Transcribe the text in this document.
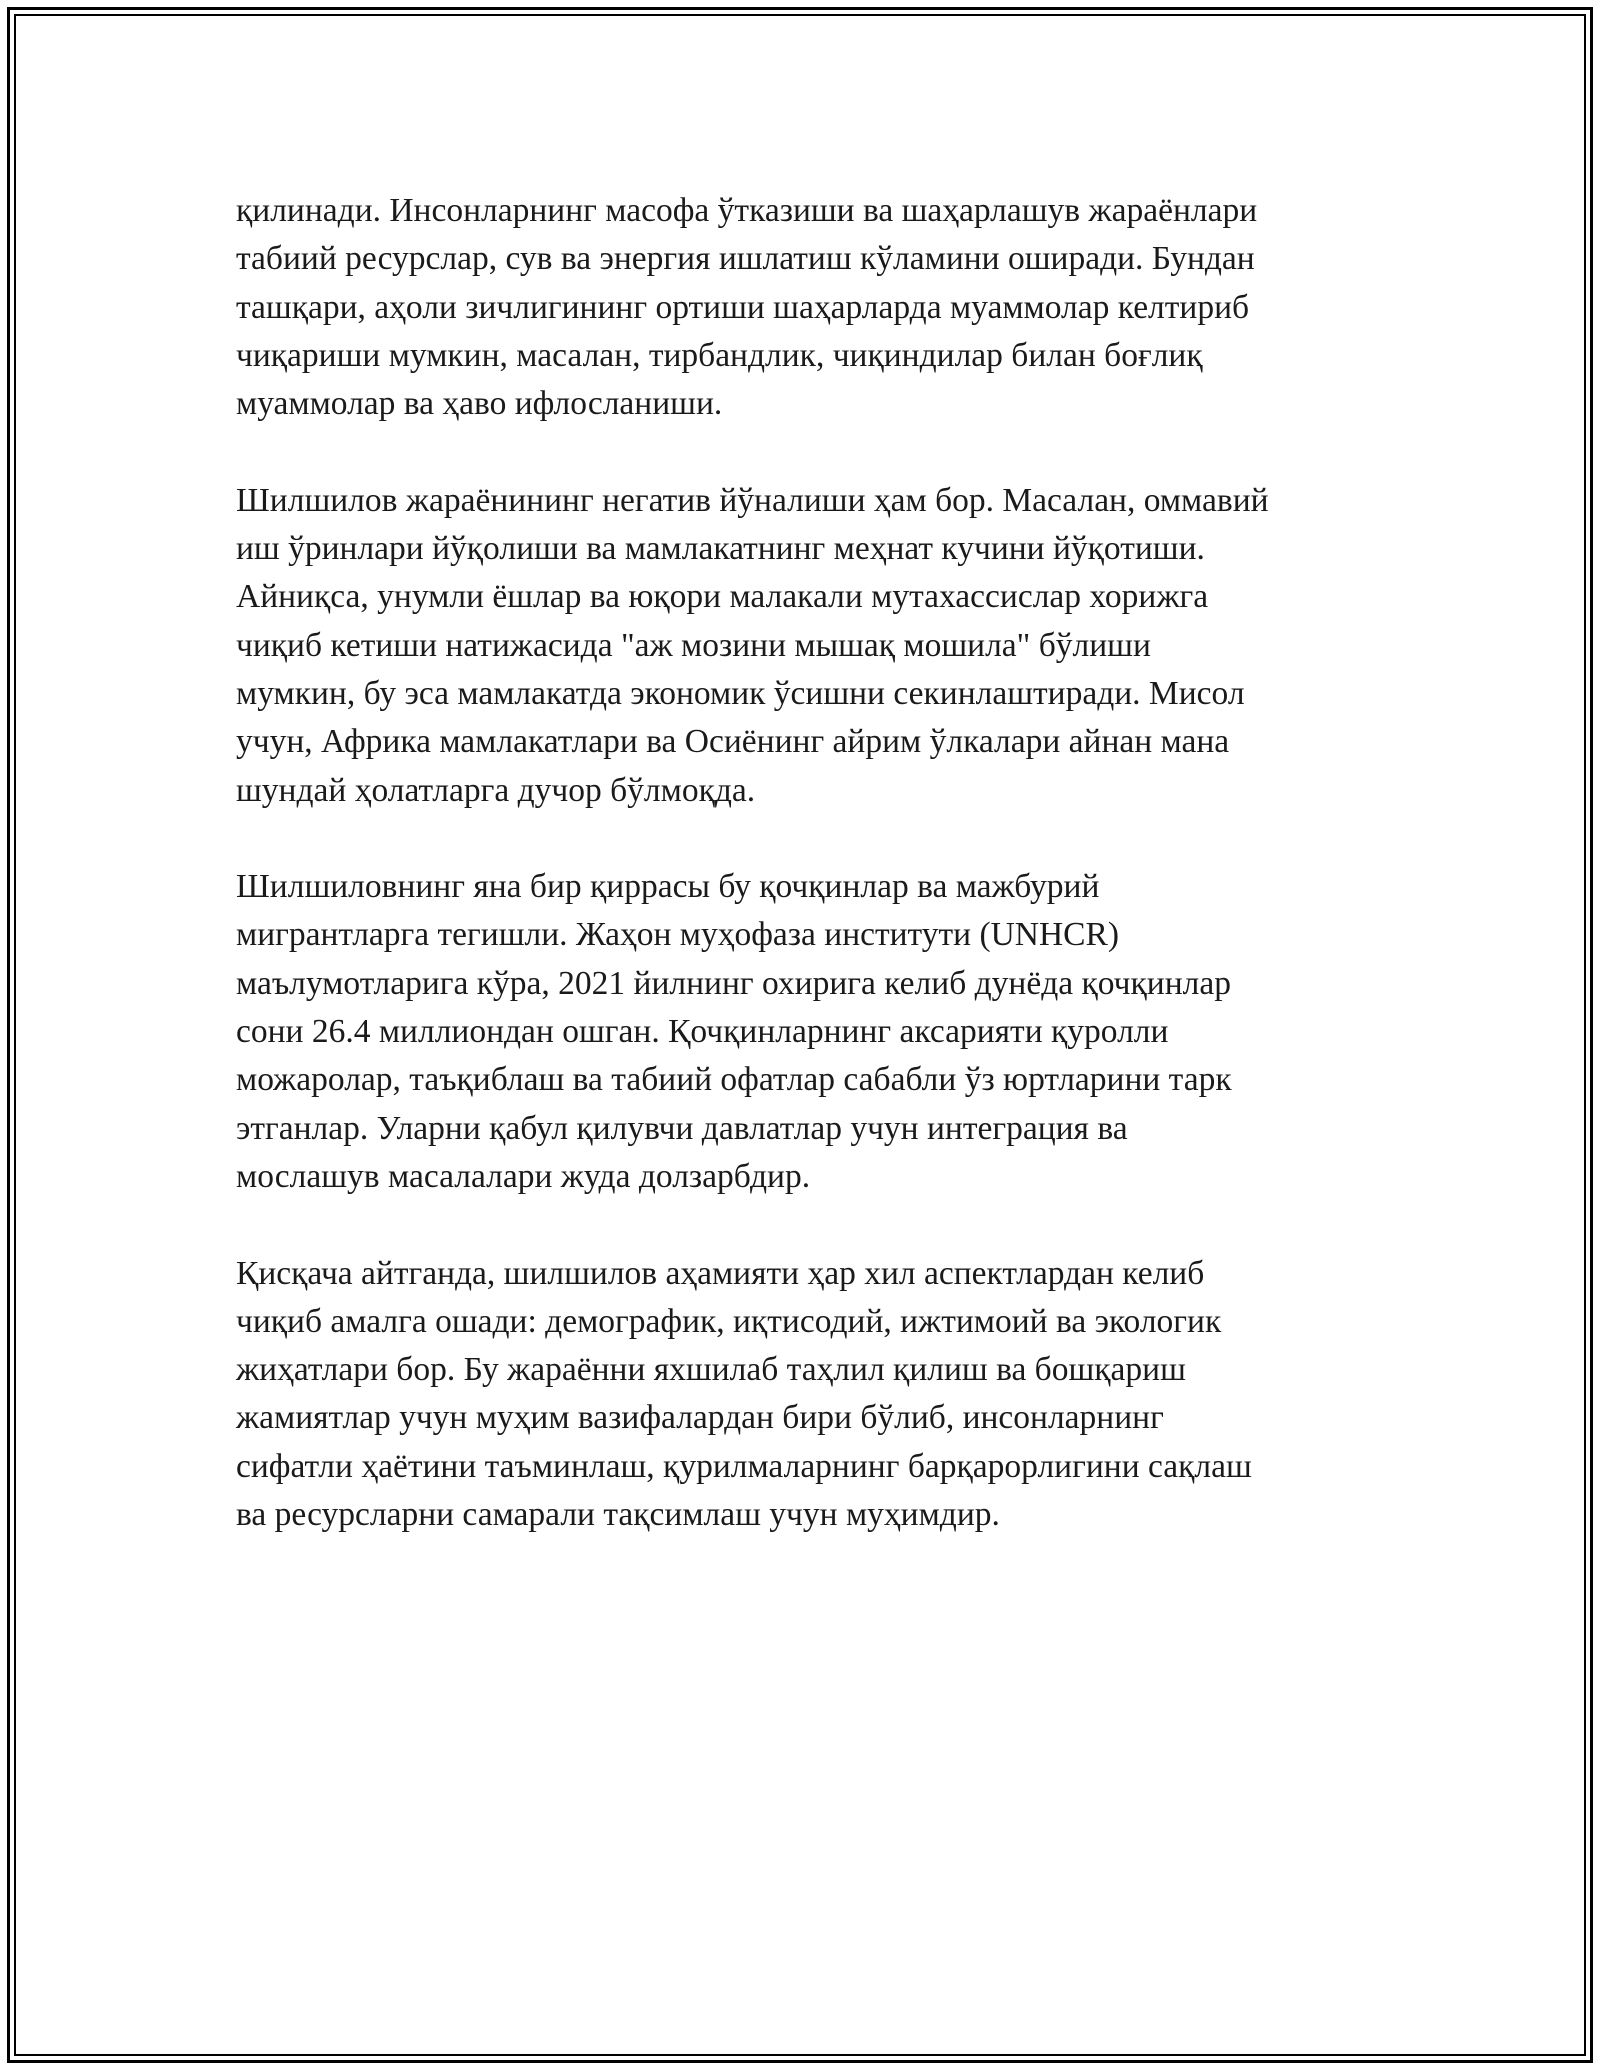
қилинади. Инсонларнинг масофа ўтказиши ва шаҳарлашув жараёнлари
табиий ресурслар, сув ва энергия ишлатиш кўламини оширади. Бундан
ташқари, аҳоли зичлигининг ортиши шаҳарларда муаммолар келтириб
чиқариши мумкин, масалан, тирбандлик, чиқиндилар билан боғлиқ
муаммолар ва ҳаво ифлосланиши.
Шилшилов жараёнининг негатив йўналиши ҳам бор. Масалан, оммавий
иш ўринлари йўқолиши ва мамлакатнинг меҳнат кучини йўқотиши.
Айниқса, унумли ёшлар ва юқори малакали мутахассислар хорижга
чиқиб кетиши натижасида "аж мозини мышақ мошила" бўлиши
мумкин, бу эса мамлакатда экономик ўсишни секинлаштиради. Мисол
учун, Африка мамлакатлари ва Осиёнинг айрим ўлкалари айнан мана
шундай ҳолатларга дучор бўлмоқда.
Шилшиловнинг яна бир қиррасы бу қочқинлар ва мажбурий
мигрантларга тегишли. Жаҳон муҳофаза институти (UNHCR)
маълумотларига кўра, 2021 йилнинг охирига келиб дунёда қочқинлар
сони 26.4 миллиондан ошган. Қочқинларнинг аксарияти қуролли
можаролар, таъқиблаш ва табиий офатлар сабабли ўз юртларини тарк
этганлар. Уларни қабул қилувчи давлатлар учун интеграция ва
мослашув масалалари жуда долзарбдир.
Қисқача айтганда, шилшилов аҳамияти ҳар хил аспектлардан келиб
чиқиб амалга ошади: демографик, иқтисодий, ижтимоий ва экологик
жиҳатлари бор. Бу жараённи яхшилаб таҳлил қилиш ва бошқариш
жамиятлар учун муҳим вазифалардан бири бўлиб, инсонларнинг
сифатли ҳаётини таъминлаш, қурилмаларнинг барқарорлигини сақлаш
ва ресурсларни самарали тақсимлаш учун муҳимдир.
